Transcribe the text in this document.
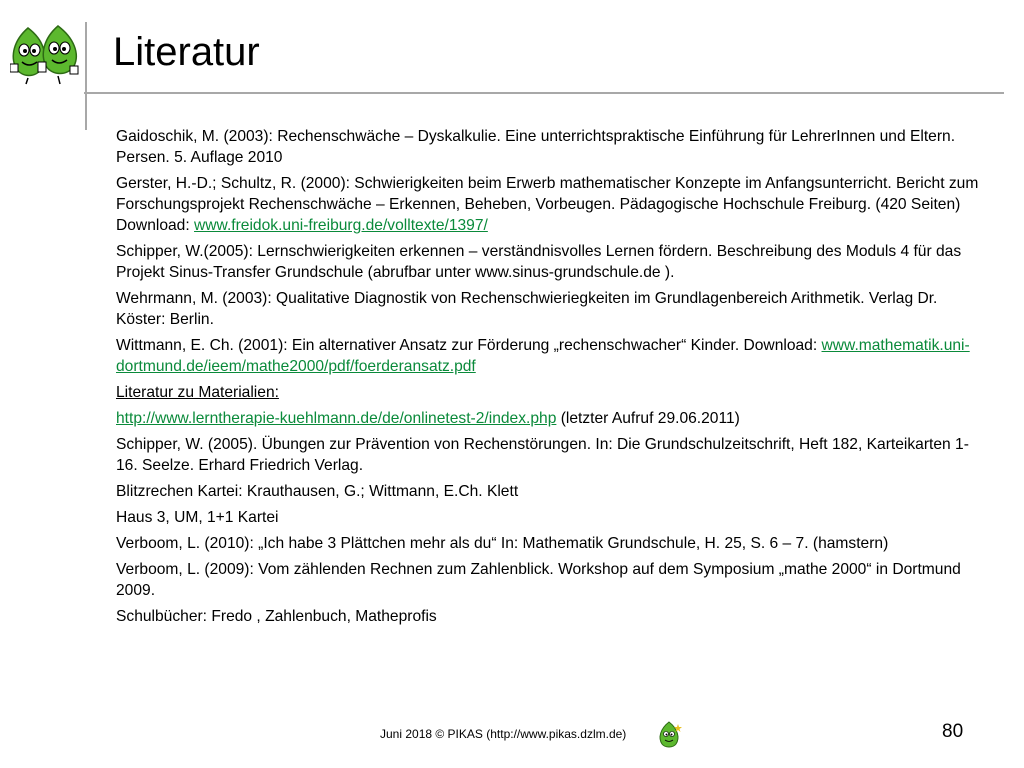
Literatur
Gaidoschik, M. (2003): Rechenschwäche – Dyskalkulie. Eine unterrichtspraktische Einführung für LehrerInnen und Eltern. Persen. 5. Auflage 2010
Gerster, H.-D.; Schultz, R. (2000): Schwierigkeiten beim Erwerb mathematischer Konzepte im Anfangsunterricht. Bericht zum Forschungsprojekt Rechenschwäche – Erkennen, Beheben, Vorbeugen. Pädagogische Hochschule Freiburg. (420 Seiten) Download: www.freidok.uni-freiburg.de/volltexte/1397/
Schipper, W.(2005): Lernschwierigkeiten erkennen – verständnisvolles Lernen fördern. Beschreibung des Moduls 4 für das Projekt Sinus-Transfer Grundschule (abrufbar unter www.sinus-grundschule.de ).
Wehrmann, M. (2003): Qualitative Diagnostik von Rechenschwieriegkeiten im Grundlagenbereich Arithmetik. Verlag Dr. Köster: Berlin.
Wittmann, E. Ch. (2001): Ein alternativer Ansatz zur Förderung „rechenschwacher“ Kinder. Download: www.mathematik.uni-dortmund.de/ieem/mathe2000/pdf/foerderansatz.pdf
Literatur zu Materialien:
http://www.lerntherapie-kuehlmann.de/de/onlinetest-2/index.php (letzter Aufruf 29.06.2011)
Schipper, W. (2005). Übungen zur Prävention von Rechenstörungen. In: Die Grundschulzeitschrift, Heft 182, Karteikarten 1-16. Seelze. Erhard Friedrich Verlag.
Blitzrechen Kartei: Krauthausen, G.; Wittmann, E.Ch. Klett
Haus 3, UM, 1+1 Kartei
Verboom, L. (2010): „Ich habe 3 Plättchen mehr als du“ In: Mathematik Grundschule, H. 25, S. 6 – 7. (hamstern)
Verboom, L. (2009): Vom zählenden Rechnen zum Zahlenblick. Workshop auf dem Symposium „mathe 2000“ in Dortmund 2009.
Schulbücher: Fredo , Zahlenbuch, Matheprofis
Juni 2018 © PIKAS (http://www.pikas.dzlm.de)	80
